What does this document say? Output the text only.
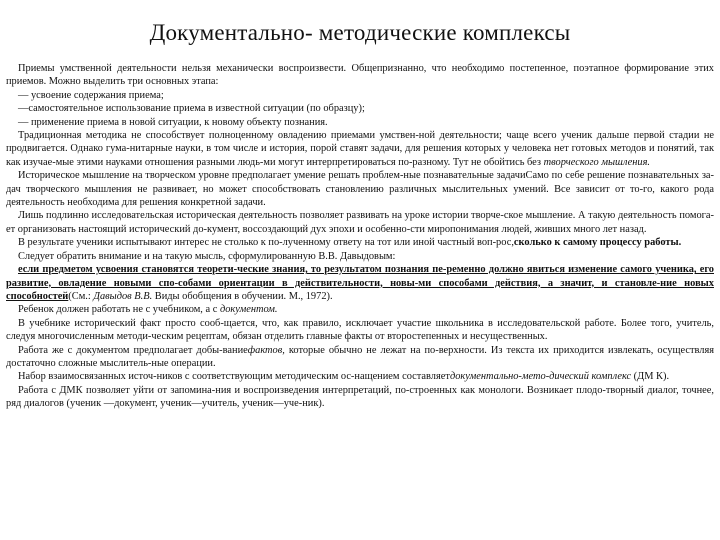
Документально- методические комплексы

Приемы умственной деятельности нельзя механически воспроизвести. Общепризнанно, что необходимо постепенное, поэтапное формирование этих приемов. Можно выделить три основных этапа:

— усвоение содержания приема;

—самостоятельное использование приема в известной ситуации (по образцу);

— применение приема в новой ситуации, к новому объекту познания.

Традиционная методика не способствует полноценному овладению приемами умствен-ной деятельности; чаще всего ученик дальше первой стадии не продвигается. Однако гума-нитарные науки, в том числе и история, порой ставят задачи, для решения которых у человека нет готовых методов и понятий, так как изучае-мые этими науками отношения разными людь-ми могут интерпретироваться по-разному. Тут не обойтись без творческого мышления.

Историческое мышление на творческом уровне предполагает умение решать проблем-ные познавательные задачиСамо по себе решение познавательных за-дач творческого мышления не развивает, но может способствовать становлению различных мыслительных умений. Все зависит от то-го, какого рода деятельность необходима для решения конкретной задачи.

Лишь подлинно исследовательская историческая деятельность позволяет развивать на уроке истории творче-ское мышление. А такую деятельность помога-ет организовать настоящий исторический до-кумент, воссоздающий дух эпохи и особенно-сти миропонимания людей, живших много лет назад.

В результате ученики испытывают интерес не столько к по-лученному ответу на тот или иной частный воп-рос,сколько к самому процессу работы.

Следует обратить внимание и на такую мысль, сформулированную В.В. Давыдовым:

если предметом усвоения становятся теорети-ческие знания, то результатом познания пе-ременно должно явиться изменение самого ученика, его развитие, овладение новыми спо-собами ориентации в действительности, новы-ми способами действия, а значит, и становле-ние новых способностей(См.: Давыдов В.В. Виды обобщения в обучении. М., 1972).

Ребенок должен работать не с учебником, а с документом.

В учебнике исторический факт просто сооб-щается, что, как правило, исключает участие школьника в исследовательской работе. Более того, учитель, следуя многочисленным методи-ческим рецептам, обязан отделить главные факты от второстепенных и несущественных.

Работа же с документом предполагает добы-ваниефактов, которые обычно не лежат на по-верхности. Из текста их приходится извлекать, осуществляя достаточно сложные мыслитель-ные операции.

Набор взаимосвязанных источ-ников с соответствующим методическим ос-нащением составляетдокументально-мето-дический комплекс (ДМ К).

Работа с ДМК позволяет уйти от запомина-ния и воспроизведения интерпретаций, по-строенных как монологи. Возникает плодо-творный диалог, точнее, ряд диалогов (ученик —документ, ученик—учитель, ученик—уче-ник).
